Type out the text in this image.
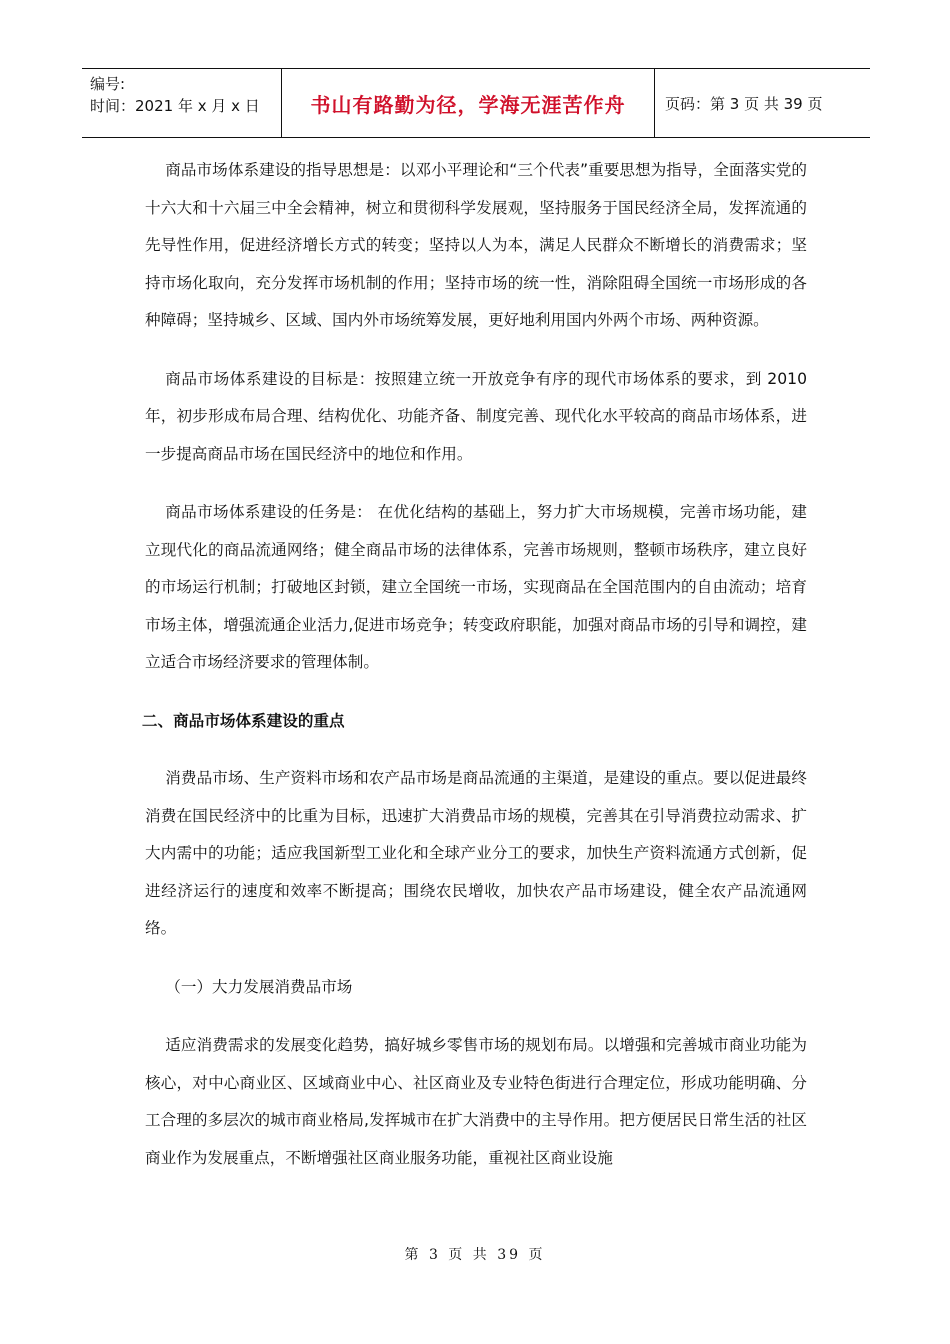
编号:
时间：2021 年 x 月 x 日	书山有路勤为径，学海无涯苦作舟	页码：第 3 页 共 39 页

商品市场体系建设的指导思想是：以邓小平理论和“三个代表”重要思想为指导，全面落实党的十六大和十六届三中全会精神，树立和贯彻科学发展观，坚持服务于国民经济全局，发挥流通的先导性作用，促进经济增长方式的转变；坚持以人为本，满足人民群众不断增长的消费需求；坚持市场化取向，充分发挥市场机制的作用；坚持市场的统一性，消除阻碍全国统一市场形成的各种障碍；坚持城乡、区域、国内外市场统筹发展，更好地利用国内外两个市场、两种资源。

商品市场体系建设的目标是：按照建立统一开放竞争有序的现代市场体系的要求，到 2010 年，初步形成布局合理、结构优化、功能齐备、制度完善、现代化水平较高的商品市场体系，进一步提高商品市场在国民经济中的地位和作用。

商品市场体系建设的任务是： 在优化结构的基础上，努力扩大市场规模，完善市场功能，建立现代化的商品流通网络；健全商品市场的法律体系，完善市场规则，整顿市场秩序，建立良好的市场运行机制；打破地区封锁，建立全国统一市场，实现商品在全国范围内的自由流动；培育市场主体，增强流通企业活力,促进市场竞争；转变政府职能，加强对商品市场的引导和调控，建立适合市场经济要求的管理体制。

二、商品市场体系建设的重点

消费品市场、生产资料市场和农产品市场是商品流通的主渠道，是建设的重点。要以促进最终消费在国民经济中的比重为目标，迅速扩大消费品市场的规模，完善其在引导消费拉动需求、扩大内需中的功能；适应我国新型工业化和全球产业分工的要求，加快生产资料流通方式创新，促进经济运行的速度和效率不断提高；围绕农民增收，加快农产品市场建设，健全农产品流通网络。

（一）大力发展消费品市场

适应消费需求的发展变化趋势，搞好城乡零售市场的规划布局。以增强和完善城市商业功能为核心，对中心商业区、区域商业中心、社区商业及专业特色街进行合理定位，形成功能明确、分工合理的多层次的城市商业格局,发挥城市在扩大消费中的主导作用。把方便居民日常生活的社区商业作为发展重点，不断增强社区商业服务功能，重视社区商业设施

第 3 页 共 39 页
